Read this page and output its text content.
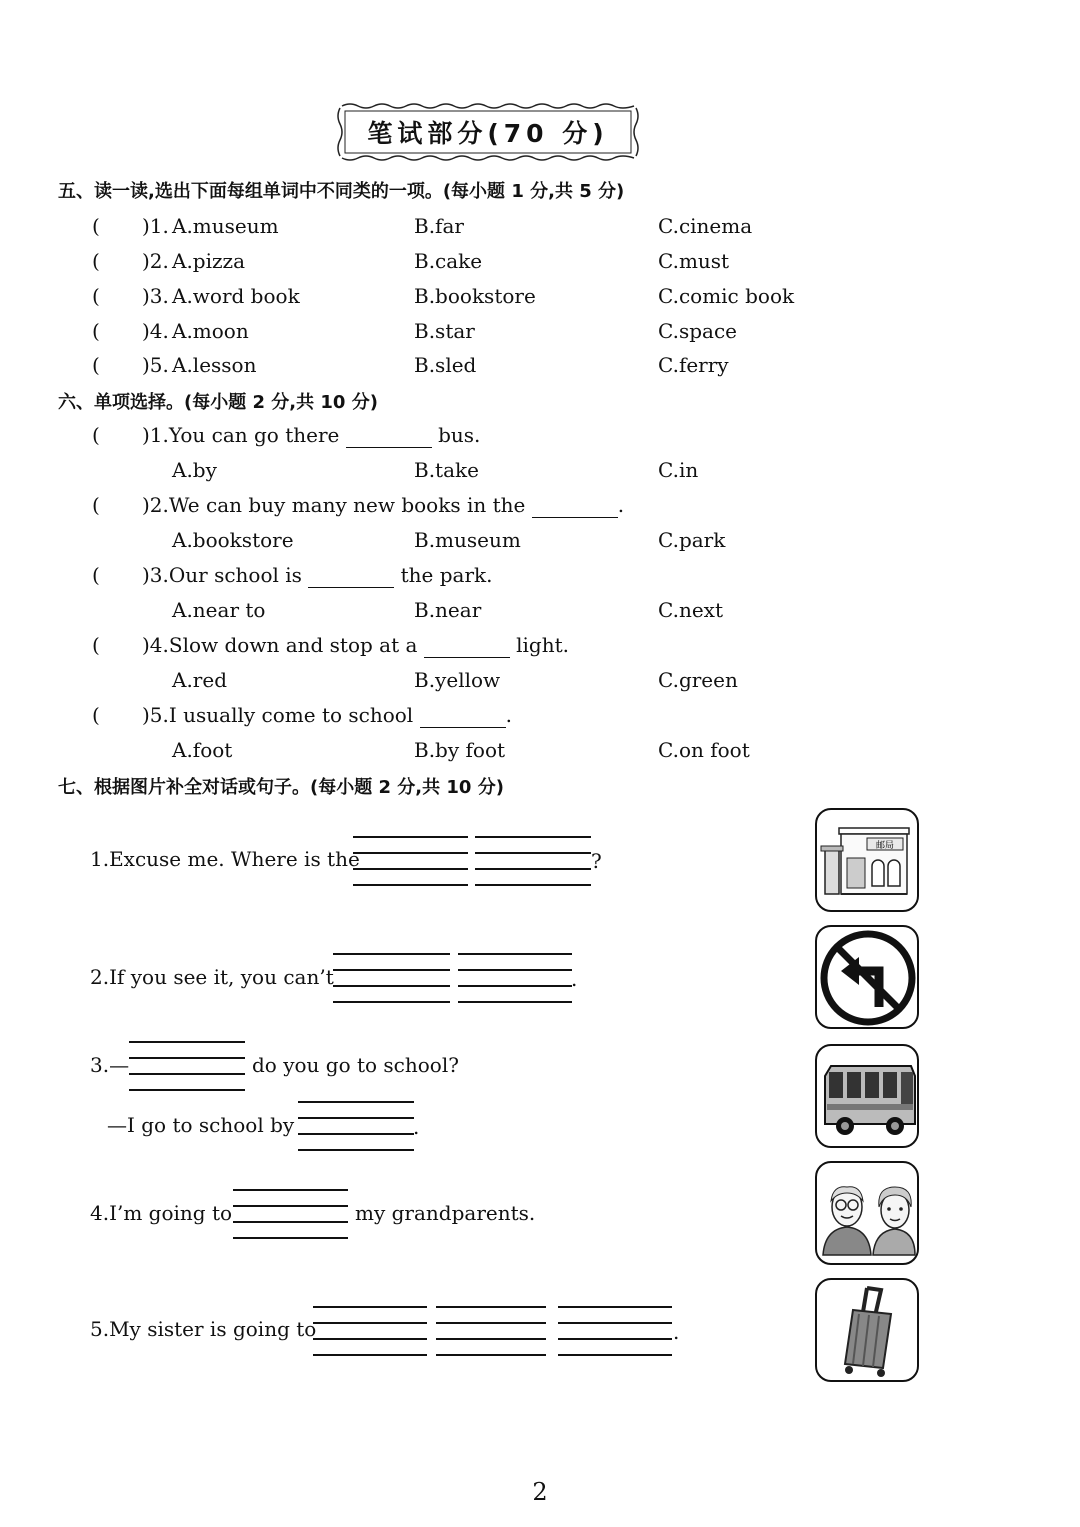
笔试部分(70 分)
五、读一读,选出下面每组单词中不同类的一项。(每小题 1 分,共 5 分)
( )1. A.museum	B.far	C.cinema
( )2. A.pizza	B.cake	C.must
( )3. A.word book	B.bookstore	C.comic book
( )4. A.moon	B.star	C.space
( )5. A.lesson	B.sled	C.ferry
六、单项选择。(每小题 2 分,共 10 分)
( )1.You can go there	bus.
A.by	B.take	C.in
( )2.We can buy many new books in the	.
A.bookstore	B.museum	C.park
( )3.Our school is	the park.
A.near to	B.near	C.next
( )4.Slow down and stop at a	light.
A.red	B.yellow	C.green
( )5.I usually come to school	.
A.foot	B.by foot	C.on foot
七、根据图片补全对话或句子。(每小题 2 分,共 10 分)
1.Excuse me. Where is the	?
2.If you see it, you can’t	.
3.—	do you go to school?
—I go to school by	.
4.I’m going to	my grandparents.
5.My sister is going to	.
邮局
2
